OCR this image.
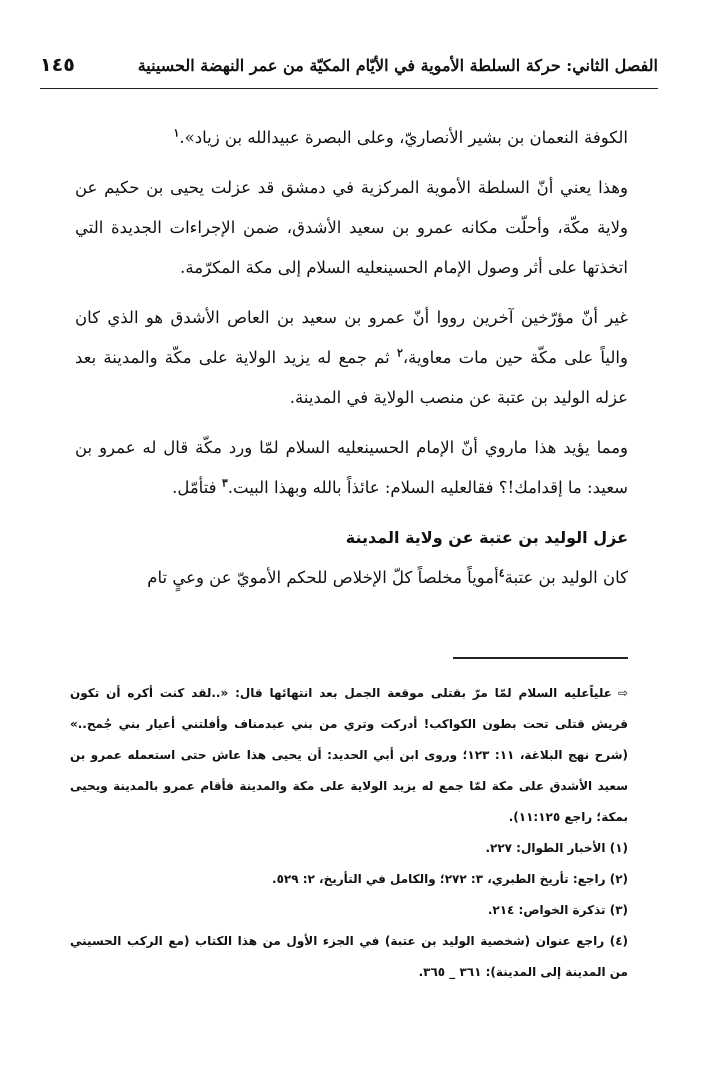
الفصل الثاني: حركة السلطة الأموية في الأيّام المكيّة من عمر النهضة الحسينية
١٤٥

الكوفة النعمان بن بشير الأنصاريّ، وعلى البصرة عبيدالله بن زياد».$^١$

وهذا يعني أنّ السلطة الأموية المركزية في دمشق قد عزلت يحيى بن حكيم عن ولاية مكّة، وأحلّت مكانه عمرو بن سعيد الأشدق، ضمن الإجراءات الجديدة التي اتخذتها على أثر وصول الإمام الحسينعليه السلام إلى مكة المكرّمة.

غير أنّ مؤرّخين آخرين رووا أنّ عمرو بن سعيد بن العاص الأشدق هو الذي كان والياً على مكّة حين مات معاوية،$^٢$ ثم جمع له يزيد الولاية على مكّة والمدينة بعد عزله الوليد بن عتبة عن منصب الولاية في المدينة.

ومما يؤيد هذا ماروي أنّ الإمام الحسينعليه السلام لمّا ورد مكّة قال له عمرو بن سعيد: ما إقدامك!؟ فقالعليه السلام: عائذاً بالله وبهذا البيت.$^٣$ فتأمّل.

عزل الوليد بن عتبة عن ولاية المدينة

كان الوليد بن عتبة$^٤$أموياً مخلصاً كلّ الإخلاص للحكم الأمويّ عن وعيٍ تام

⇨علياًعليه السلام لمّا مرّ بقتلى موقعة الجمل بعد انتهائها قال: «..لقد كنت أكره أن تكون قريش قتلى تحت بطون الكواكب! أدركت وتري من بني عبدمناف وأفلتني أعيار بني جُمح..» (شرح نهج البلاغة، ١١: ١٢٣؛ وروى ابن أبي الحديد: أن يحيى هذا عاش حتى استعمله عمرو بن سعيد الأشدق على مكة لمّا جمع له يزيد الولاية على مكة والمدينة فأقام عمرو بالمدينة ويحيى بمكة؛ راجع ١١:١٢٥).

(١) الأخبار الطوال: ٢٢٧.

(٢) راجع: تأريخ الطبري، ٣: ٢٧٢؛ والكامل في التأريخ، ٢: ٥٢٩.

(٣) تذكرة الخواص: ٢١٤.

(٤) راجع عنوان (شخصية الوليد بن عتبة) في الجزء الأول من هذا الكتاب (مع الركب الحسيني من المدينة إلى المدينة): ٣٦١ _ ٣٦٥.
